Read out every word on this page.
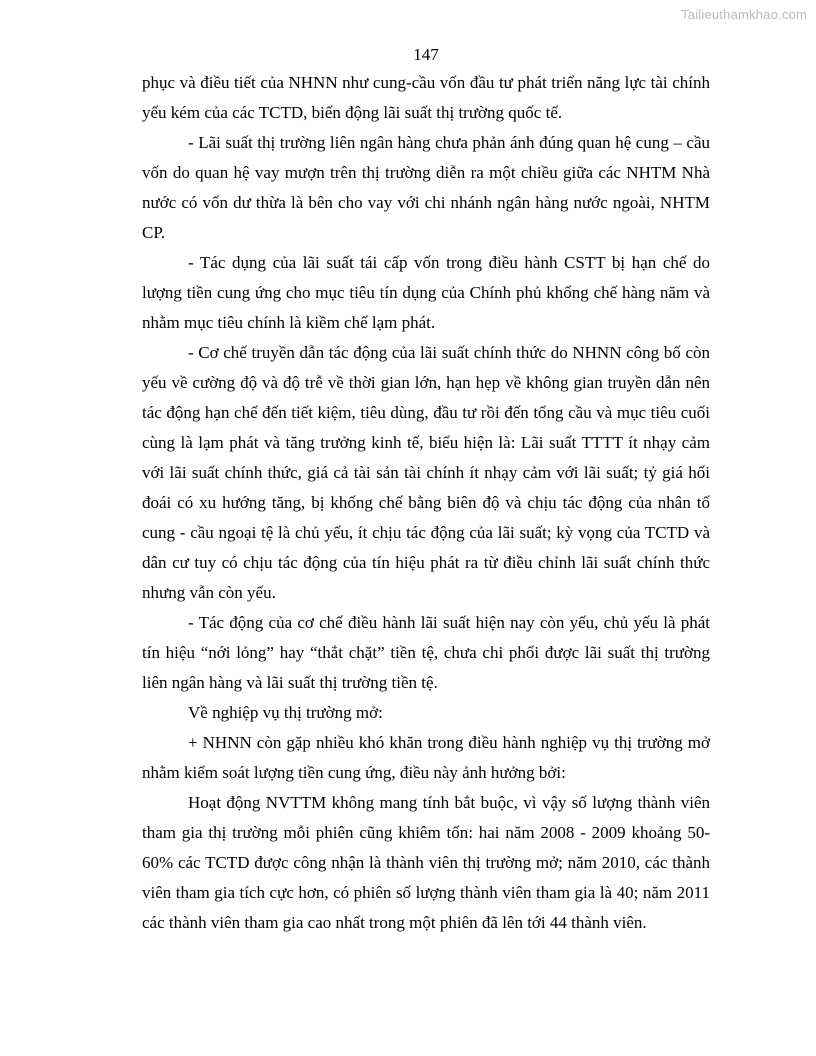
Tailieuthamkhao.com
147

phục và điều tiết của NHNN như cung-cầu vốn đầu tư phát triển năng lực tài chính yếu kém của các TCTD, biến động lãi suất thị trường quốc tế.

- Lãi suất thị trường liên ngân hàng chưa phản ánh đúng quan hệ cung – cầu vốn do quan hệ vay mượn trên thị trường diễn ra một chiều giữa các NHTM Nhà nước có vốn dư thừa là bên cho vay với chi nhánh ngân hàng nước ngoài, NHTM CP.

- Tác dụng của lãi suất tái cấp vốn trong điều hành CSTT bị hạn chế do lượng tiền cung ứng cho mục tiêu tín dụng của Chính phủ khống chế hàng năm và nhằm mục tiêu chính là kiềm chế lạm phát.

- Cơ chế truyền dẫn tác động của lãi suất chính thức do NHNN công bố còn yếu về cường độ và độ trễ về thời gian lớn, hạn hẹp về không gian truyền dẫn nên tác động hạn chế đến tiết kiệm, tiêu dùng, đầu tư rồi đến tổng cầu và mục tiêu cuối cùng là lạm phát và tăng trưởng kinh tế, biểu hiện là: Lãi suất TTTT ít nhạy cảm với lãi suất chính thức, giá cả tài sản tài chính ít nhạy cảm với lãi suất; tỷ giá hối đoái có xu hướng tăng, bị khống chế bằng biên độ và chịu tác động của nhân tố cung - cầu ngoại tệ là chủ yếu, ít chịu tác động của lãi suất; kỳ vọng của TCTD và dân cư tuy có chịu tác động của tín hiệu phát ra từ điều chỉnh lãi suất chính thức nhưng vẫn còn yếu.

- Tác động của cơ chế điều hành lãi suất hiện nay còn yếu, chủ yếu là phát tín hiệu “nới lỏng” hay “thắt chặt” tiền tệ, chưa chi phối được lãi suất thị trường liên ngân hàng và lãi suất thị trường tiền tệ.

Về nghiệp vụ thị trường mở:

+ NHNN còn gặp nhiều khó khăn trong điều hành nghiệp vụ thị trường mở nhằm kiểm soát lượng tiền cung ứng, điều này ảnh hưởng bởi:

Hoạt động NVTTM không mang tính bắt buộc, vì vậy số lượng thành viên tham gia thị trường mỗi phiên cũng khiêm tốn: hai năm 2008 - 2009 khoảng 50-60% các TCTD được công nhận là thành viên thị trường mở; năm 2010, các thành viên tham gia tích cực hơn, có phiên số lượng thành viên tham gia là 40; năm 2011 các thành viên tham gia cao nhất trong một phiên đã lên tới 44 thành viên.
